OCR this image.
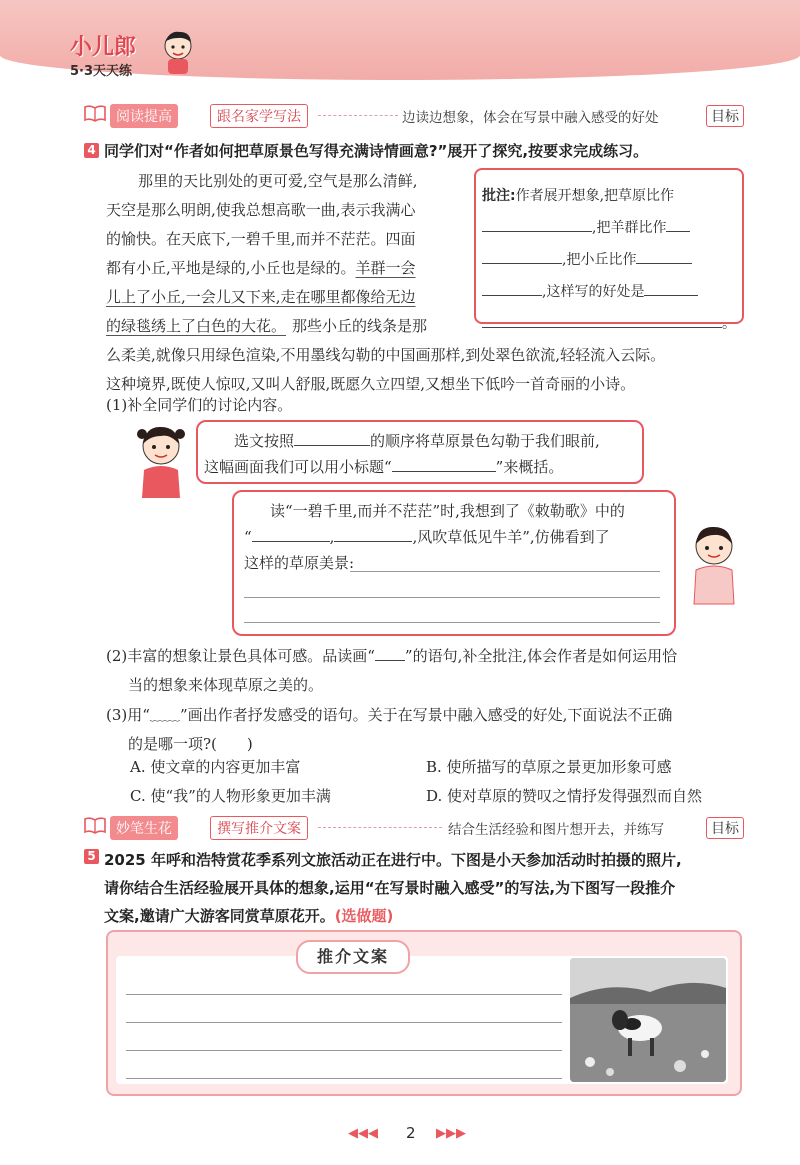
小儿郎
5·3天天练
阅读提高	跟名家学写法	边读边想象，体会在写景中融入感受的好处	目标
4 同学们对“作者如何把草原景色写得充满诗情画意?”展开了探究,按要求完成练习。
那里的天比别处的更可爱,空气是那么清鲜,
天空是那么明朗,使我总想高歌一曲,表示我满心
的愉快。在天底下,一碧千里,而并不茫茫。四面
都有小丘,平地是绿的,小丘也是绿的。羊群一会
儿上了小丘,一会儿又下来,走在哪里都像给无边
的绿毯绣上了白色的大花。 那些小丘的线条是那
么柔美,就像只用绿色渲染,不用墨线勾勒的中国画那样,到处翠色欲流,轻轻流入云际。
这种境界,既使人惊叹,又叫人舒服,既愿久立四望,又想坐下低吟一首奇丽的小诗。
批注:作者展开想象,把草原比作
,把羊群比作
,把小丘比作
,这样写的好处是
。
(1)补全同学们的讨论内容。
选文按照	的顺序将草原景色勾勒于我们眼前,
这幅画面我们可以用小标题“	”来概括。
读“一碧千里,而并不茫茫”时,我想到了《敕勒歌》中的
“	,	,风吹草低见牛羊”,仿佛看到了
这样的草原美景:
(2)丰富的想象让景色具体可感。品读画“ ”的语句,补全批注,体会作者是如何运用恰
当的想象来体现草原之美的。
(3)用“﹏﹏”画出作者抒发感受的语句。关于在写景中融入感受的好处,下面说法不正确
的是哪一项?(　　)
A. 使文章的内容更加丰富	B. 使所描写的草原之景更加形象可感
C. 使“我”的人物形象更加丰满	D. 使对草原的赞叹之情抒发得强烈而自然
妙笔生花	撰写推介文案	结合生活经验和图片想开去，并练写	目标
5 2025 年呼和浩特赏花季系列文旅活动正在进行中。下图是小天参加活动时拍摄的照片,
请你结合生活经验展开具体的想象,运用“在写景时融入感受”的写法,为下图写一段推介
文案,邀请广大游客同赏草原花开。(选做题)
推介文案
◀◀◀ 2 ▶▶▶
